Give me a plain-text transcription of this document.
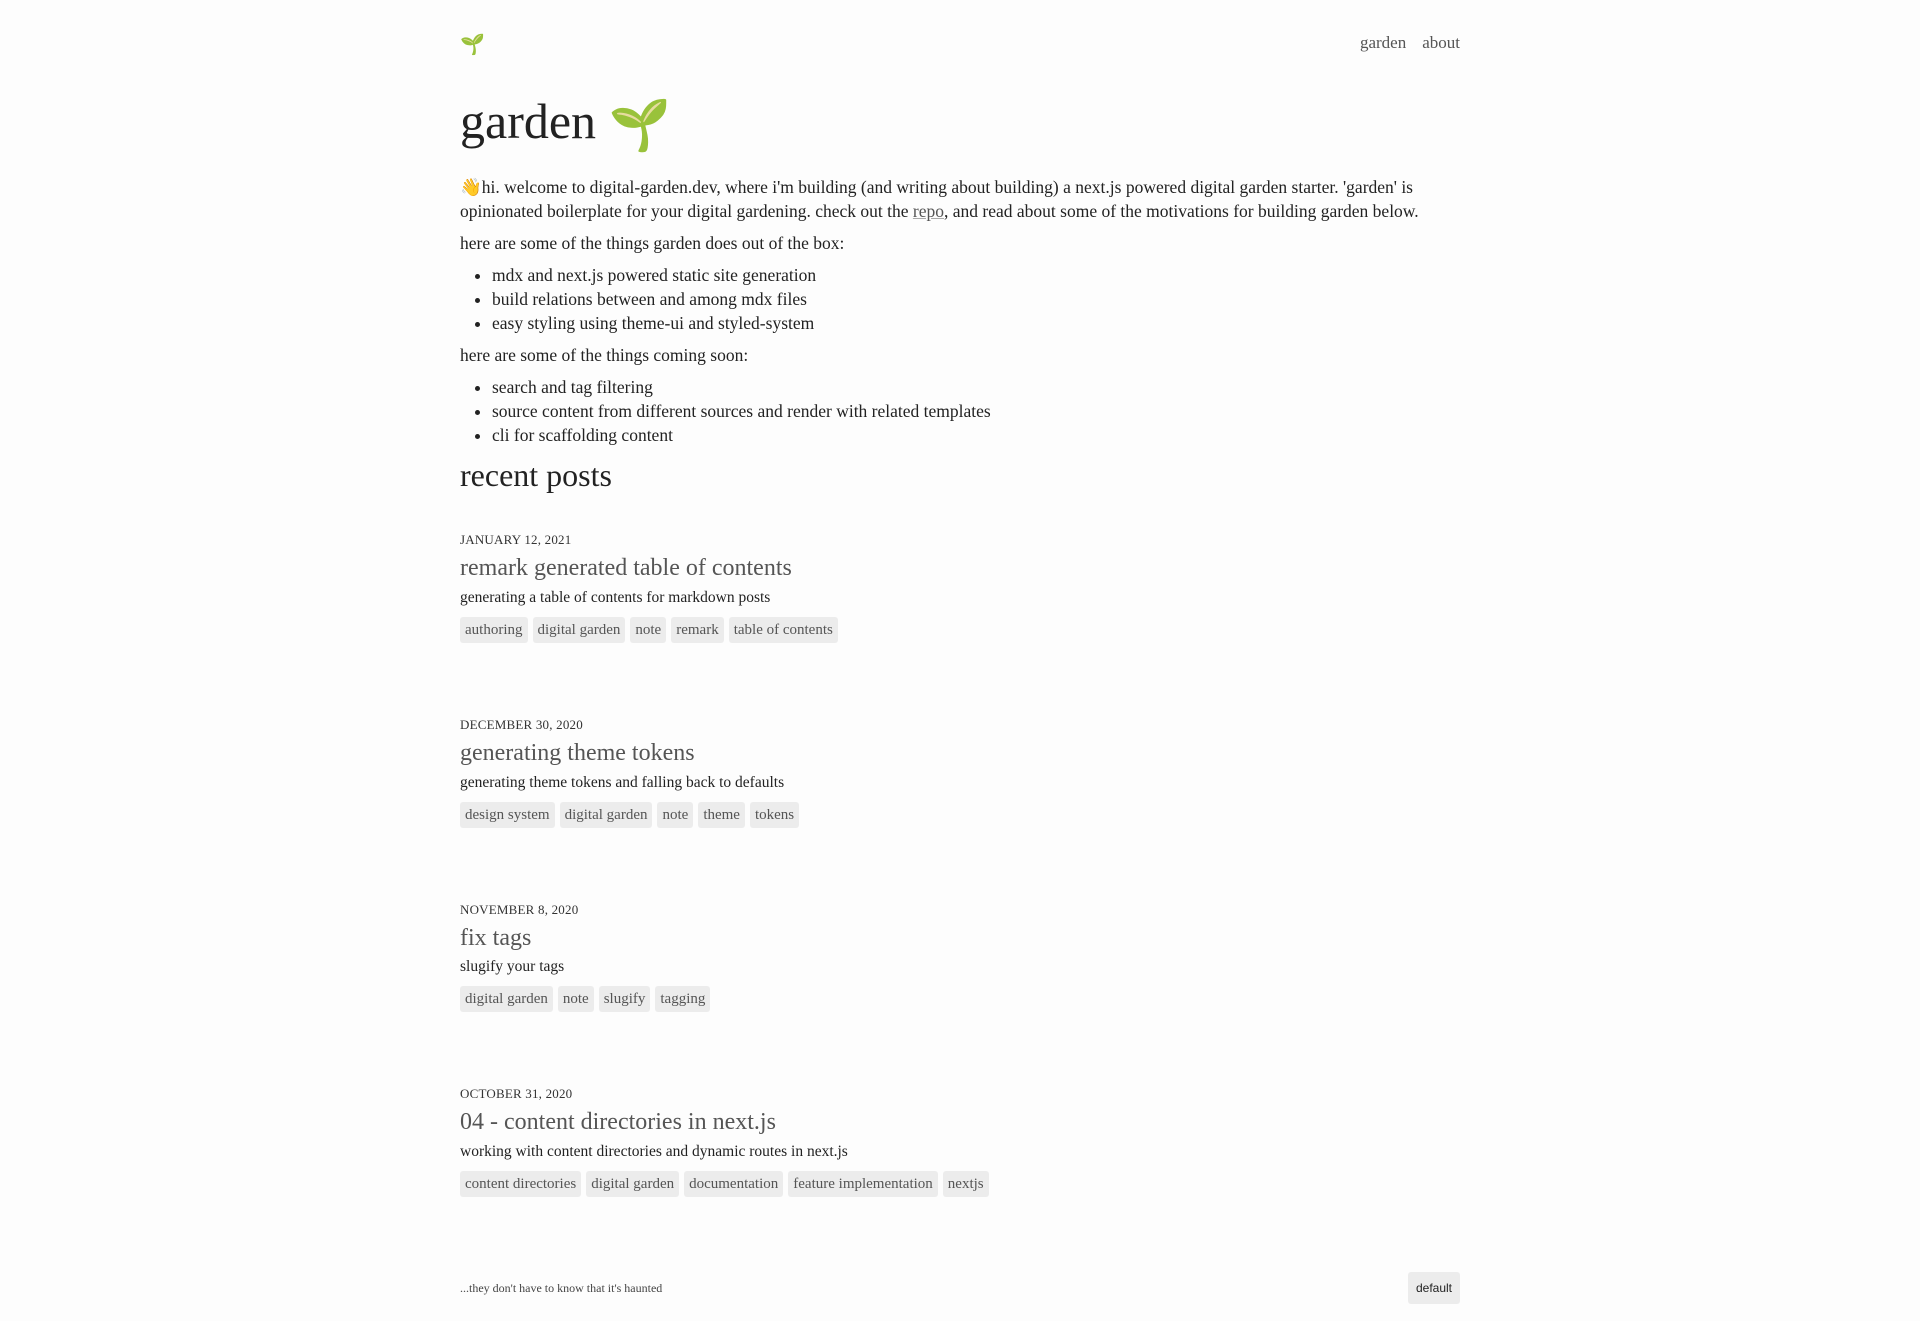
🌱	garden about
garden 🌱

👋hi. welcome to digital-garden.dev, where i'm building (and writing about building) a next.js powered digital garden starter. 'garden' is opinionated boilerplate for your digital gardening. check out the repo, and read about some of the motivations for building garden below.

here are some of the things garden does out of the box:

• mdx and next.js powered static site generation
• build relations between and among mdx files
• easy styling using theme-ui and styled-system

here are some of the things coming soon:

• search and tag filtering
• source content from different sources and render with related templates
• cli for scaffolding content
recent posts
JANUARY 12, 2021
remark generated table of contents
generating a table of contents for markdown posts
authoring	digital garden	note	remark	table of contents
DECEMBER 30, 2020
generating theme tokens
generating theme tokens and falling back to defaults
design system	digital garden	note	theme	tokens
NOVEMBER 8, 2020
fix tags
slugify your tags
digital garden	note	slugify	tagging
OCTOBER 31, 2020
04 - content directories in next.js
working with content directories and dynamic routes in next.js
content directories	digital garden	documentation	feature implementation	nextjs
...they don't have to know that it's haunted	default
